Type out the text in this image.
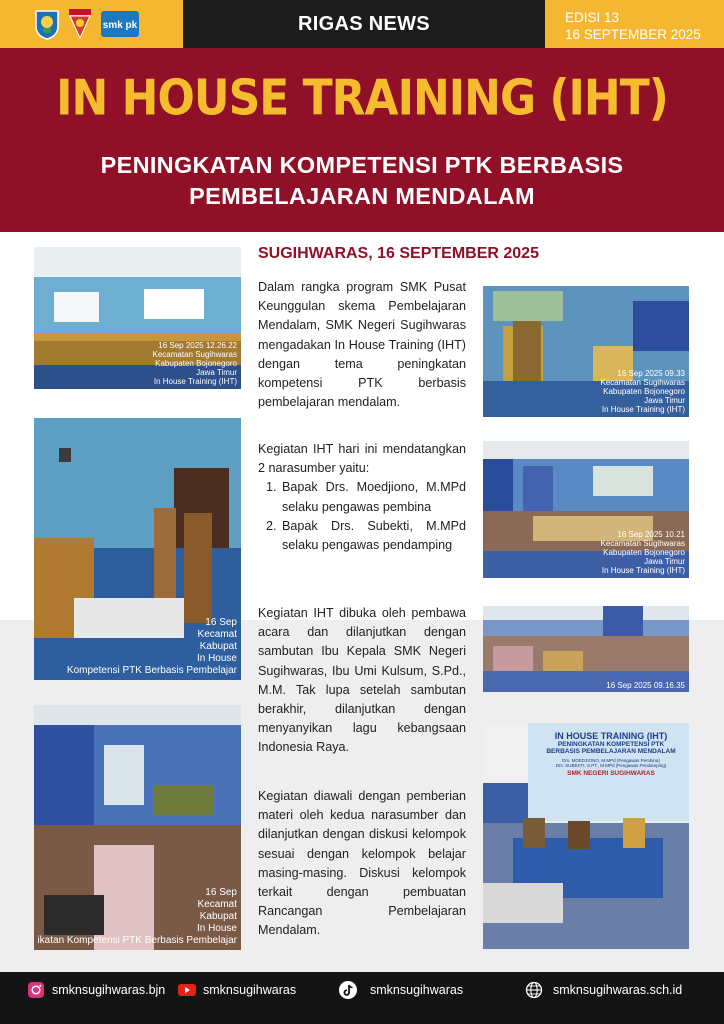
smk pk	RIGAS NEWS	EDISI 13
16 SEPTEMBER 2025
IN HOUSE TRAINING (IHT)
PENINGKATAN KOMPETENSI PTK BERBASIS
PEMBELAJARAN MENDALAM
16 Sep 2025 12.26.22
Kecamatan Sugihwaras
Kabupaten Bojonegoro
Jawa Timur
In House Training (IHT)
16 Sep
Kecamat
Kabupat
In House
Kompetensi PTK Berbasis Pembelajar
16 Sep
Kecamat
Kabupat
In House
ikatan Kompetensi PTK Berbasis Pembelajar
SUGIHWARAS, 16 SEPTEMBER 2025
Dalam rangka program SMK Pusat Keunggulan skema Pembelajaran Mendalam, SMK Negeri Sugihwaras mengadakan In House Training (IHT) dengan tema peningkatan kompetensi PTK berbasis pembelajaran mendalam.
Kegiatan IHT hari ini mendatangkan 2 narasumber yaitu:
1. Bapak Drs. Moedjiono, M.MPd selaku pengawas pembina
2. Bapak Drs. Subekti, M.MPd selaku pengawas pendamping
Kegiatan IHT dibuka oleh pembawa acara dan dilanjutkan dengan sambutan Ibu Kepala SMK Negeri Sugihwaras, Ibu Umi Kulsum, S.Pd., M.M. Tak lupa setelah sambutan berakhir, dilanjutkan dengan menyanyikan lagu kebangsaan Indonesia Raya.
Kegiatan diawali dengan pemberian materi oleh kedua narasumber dan dilanjutkan dengan diskusi kelompok sesuai dengan kelompok belajar masing-masing. Diskusi kelompok terkait dengan pembuatan Rancangan Pembelajaran Mendalam.
16 Sep 2025 09.33
Kecamatan Sugihwaras
Kabupaten Bojonegoro
Jawa Timur
In House Training (IHT)
16 Sep 2025 10.21
Kecamatan Sugihwaras
Kabupaten Bojonegoro
Jawa Timur
In House Training (IHT)
16 Sep 2025 09.16.35
IN HOUSE TRAINING (IHT)
PENINGKATAN KOMPETENSI PTK
BERBASIS PEMBELAJARAN MENDALAM
Drs. MOEDJIONO, M.MPd (Pengawas Pembina)
Drs. SUBEKTI, S.PT., M.MPd (Pengawas Pendamping)
SMK NEGERI SUGIHWARAS
smknsugihwaras.bjn	smknsugihwaras	smknsugihwaras	smknsugihwaras.sch.id
